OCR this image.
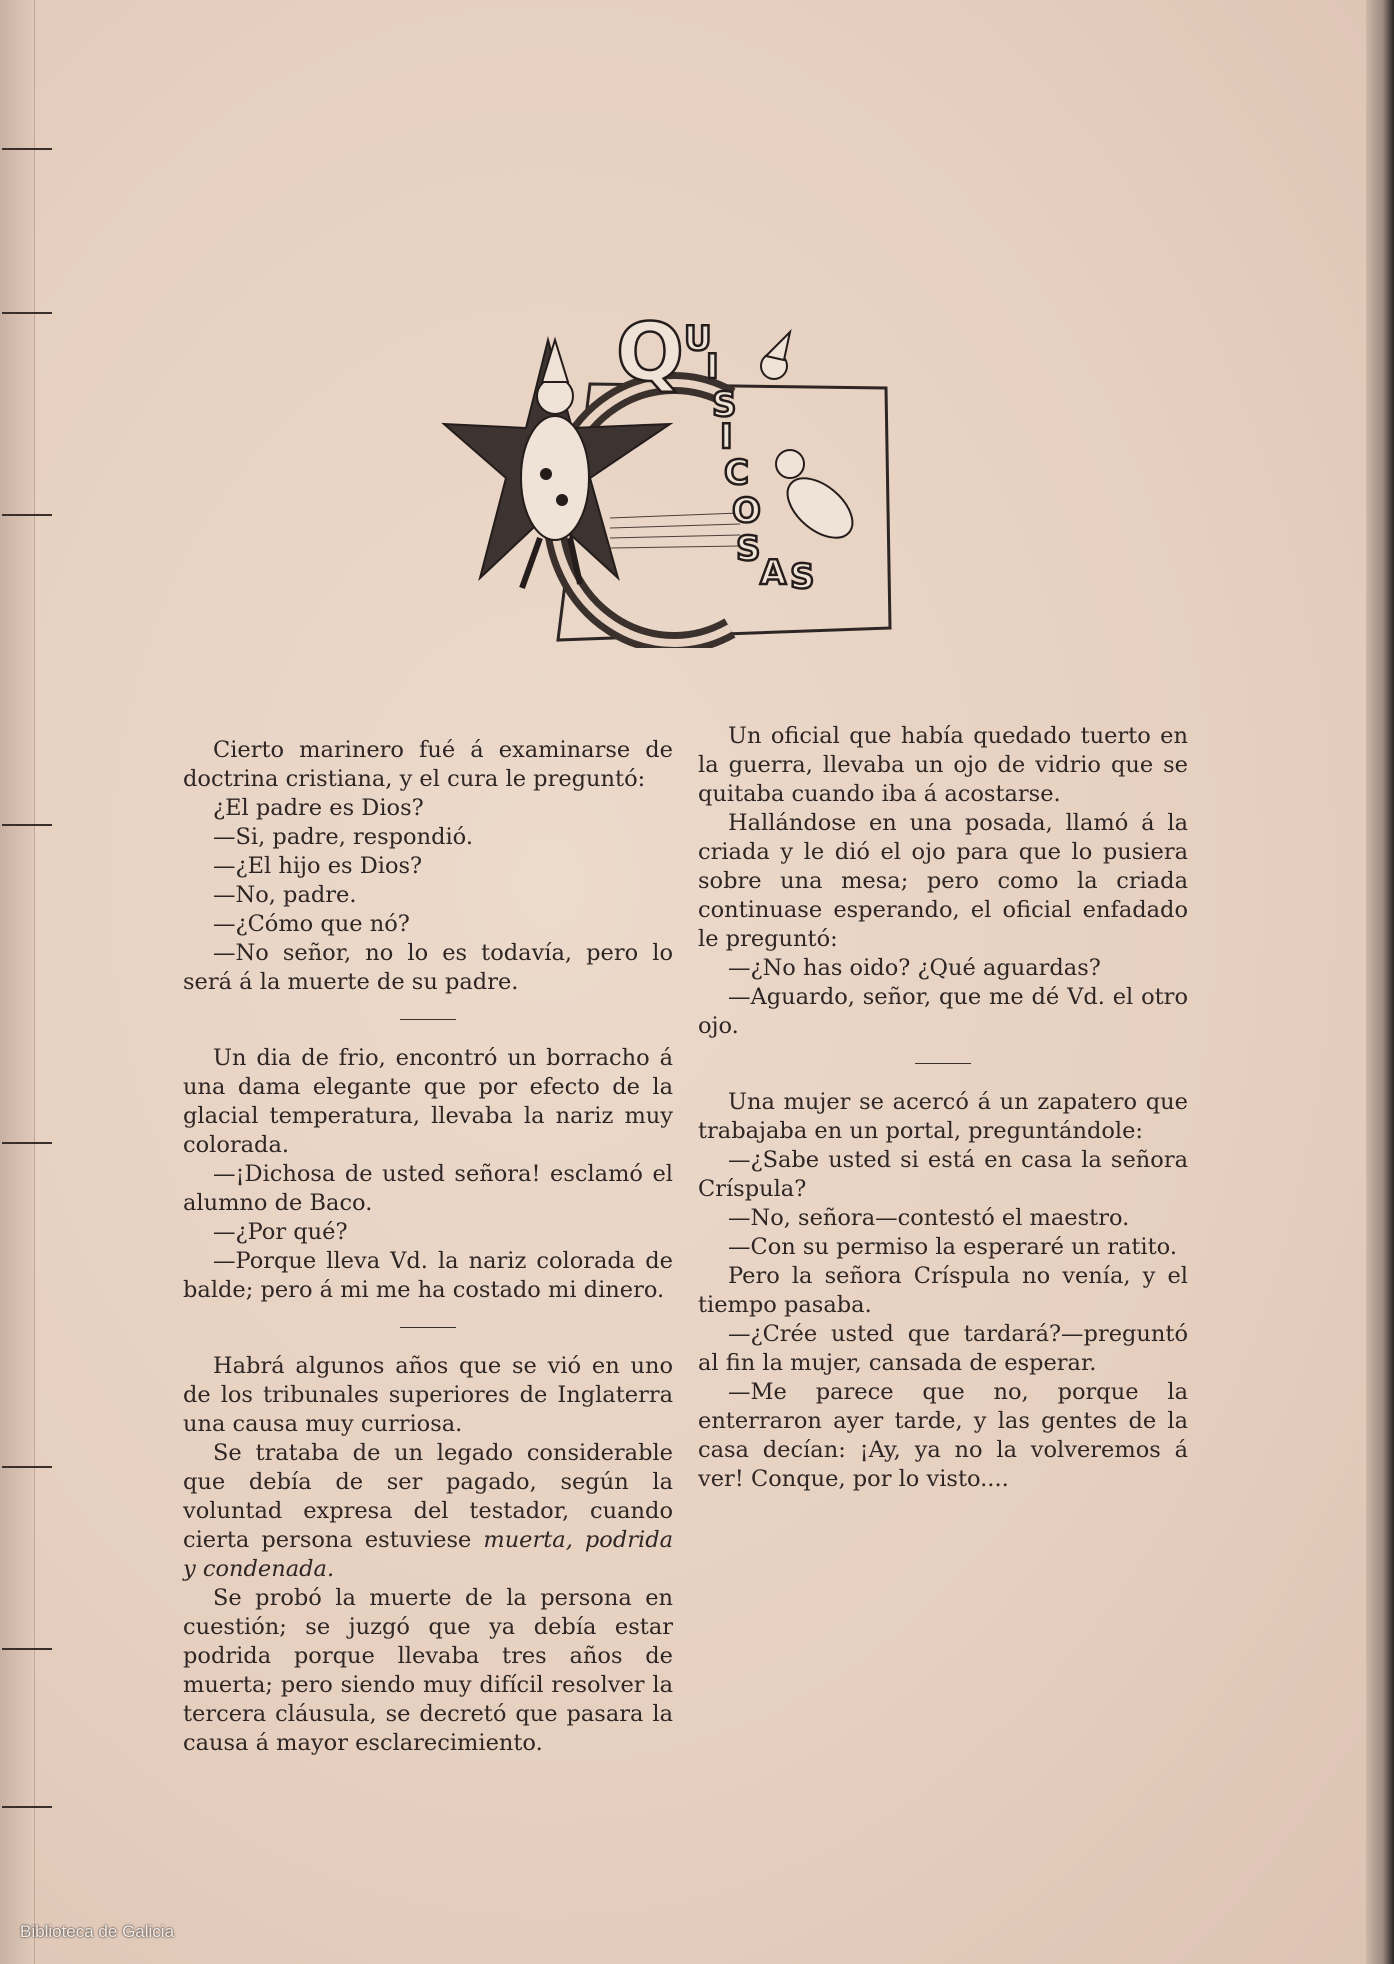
Q U
I
S
I
C
O
S
A S

Cierto marinero fué á examinarse de doctrina cristiana, y el cura le preguntó:

¿El padre es Dios?

—Si, padre, respondió.

—¿El hijo es Dios?

—No, padre.

—¿Cómo que nó?

—No señor, no lo es todavía, pero lo será á la muerte de su padre.

Un dia de frio, encontró un borracho á una dama elegante que por efecto de la glacial temperatura, llevaba la nariz muy colorada.

—¡Dichosa de usted señora! esclamó el alumno de Baco.

—¿Por qué?

—Porque lleva Vd. la nariz colorada de balde; pero á mi me ha costado mi dinero.

Habrá algunos años que se vió en uno de los tribunales superiores de Inglaterra una causa muy curriosa.

Se trataba de un legado considerable que debía de ser pagado, según la voluntad expresa del testador, cuando cierta persona estuviese muerta, podrida y condenada.

Se probó la muerte de la persona en cuestión; se juzgó que ya debía estar podrida porque llevaba tres años de muerta; pero siendo muy difícil resolver la tercera cláusula, se decretó que pasara la causa á mayor esclarecimiento.

Un oficial que había quedado tuerto en la guerra, llevaba un ojo de vidrio que se quitaba cuando iba á acostarse.

Hallándose en una posada, llamó á la criada y le dió el ojo para que lo pusiera sobre una mesa; pero como la criada continuase esperando, el oficial enfadado le preguntó:

—¿No has oido? ¿Qué aguardas?

—Aguardo, señor, que me dé Vd. el otro ojo.

Una mujer se acercó á un zapatero que trabajaba en un portal, preguntándole:

—¿Sabe usted si está en casa la señora Críspula?

—No, señora—contestó el maestro.

—Con su permiso la esperaré un ratito.

Pero la señora Críspula no venía, y el tiempo pasaba.

—¿Crée usted que tardará?—preguntó al fin la mujer, cansada de esperar.

—Me parece que no, porque la enterraron ayer tarde, y las gentes de la casa decían: ¡Ay, ya no la volveremos á ver! Conque, por lo visto....

Biblioteca de Galicia
